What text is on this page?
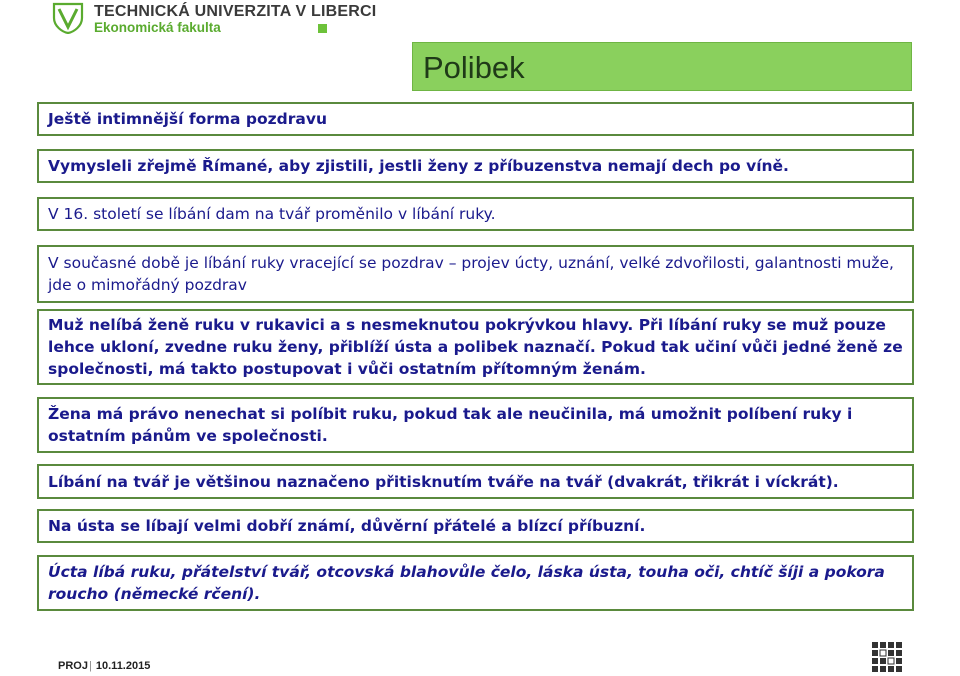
TECHNICKÁ UNIVERZITA V LIBERCI
Ekonomická fakulta
Polibek

Ještě intimnější forma pozdravu

Vymysleli zřejmě Římané, aby zjistili, jestli ženy z příbuzenstva nemají dech po víně.

V 16. století se líbání dam na tvář proměnilo v líbání ruky.

V současné době je líbání ruky vracející se pozdrav – projev úcty, uznání, velké zdvořilosti, galantnosti muže, jde o mimořádný pozdrav

Muž nelíbá ženě ruku v rukavici a s nesmeknutou pokrývkou hlavy. Při líbání ruky se muž pouze lehce ukloní, zvedne ruku ženy, přiblíží ústa a polibek naznačí. Pokud tak učiní vůči jedné ženě ze společnosti, má takto postupovat i vůči ostatním přítomným ženám.

Žena má právo nenechat si políbit ruku, pokud tak ale neučinila, má umožnit políbení ruky i ostatním pánům ve společnosti.

Líbání na tvář je většinou naznačeno přitisknutím tváře na tvář (dvakrát, třikrát i víckrát).

Na ústa se líbají velmi dobří známí, důvěrní přátelé a blízcí příbuzní.

Úcta líbá ruku, přátelství tvář, otcovská blahovůle čelo, láska ústa, touha oči, chtíč šíji a pokora roucho (německé rčení).

PROJ| 10.11.2015
